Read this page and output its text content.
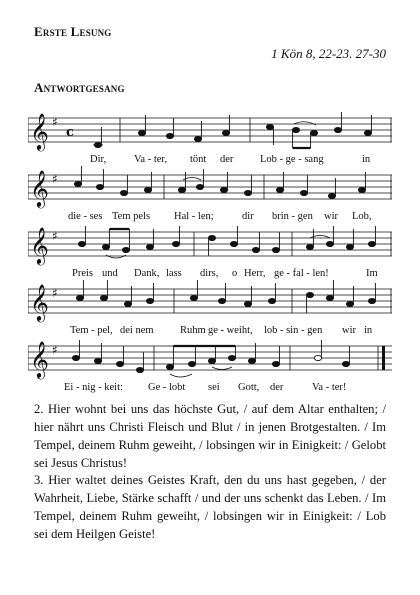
Erste Lesung
1 Kön 8, 22-23. 27-30
Antwortgesang
𝄞 ♯
c
Dir,	Va - ter, tönt der	Lob - ge - sang	in
𝄞 ♯
die - ses Tem pels Hal - len;	dir brin - gen wir Lob,
𝄞 ♯
Preis und Dank, lass dirs, o Herr, ge - fal - len!	Im
𝄞 ♯
Tem - pel, dei nem	Ruhm ge - weiht, lob - sin - gen wir in
𝄞 ♯
Ei - nig - keit: Ge - lobt sei Gott, der	Va - ter!
2. Hier wohnt bei uns das höchste Gut, / auf dem Altar enthalten; / hier nährt uns Christi Fleisch und Blut / in jenen Brotgestalten. / Im Tempel, deinem Ruhm geweiht, / lobsingen wir in Einigkeit: / Gelobt sei Jesus Christus!
3. Hier waltet deines Geistes Kraft, den du uns hast gegeben, / der Wahrheit, Liebe, Stärke schafft / und der uns schenkt das Leben. / Im Tempel, deinem Ruhm geweiht, / lobsingen wir in Einigkeit: / Lob sei dem Heilgen Geiste!
